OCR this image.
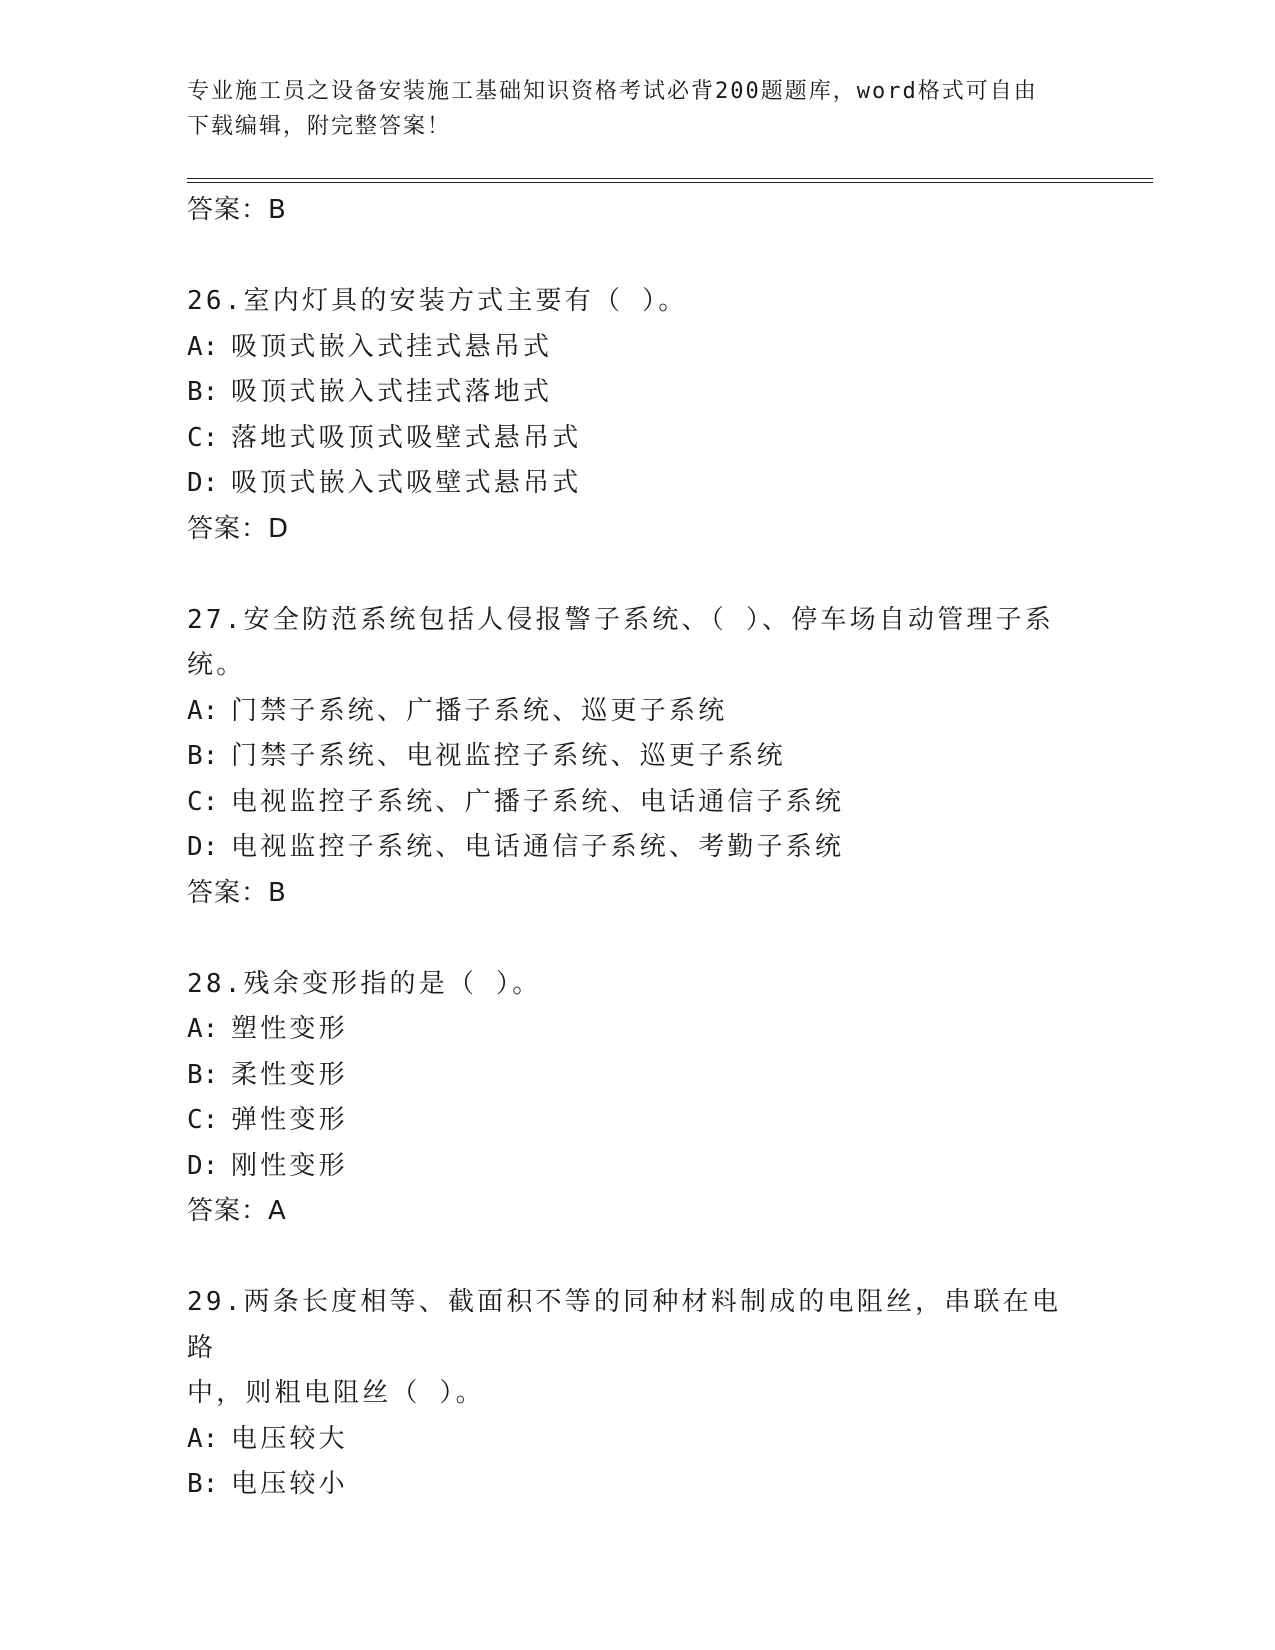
专业施工员之设备安装施工基础知识资格考试必背200题题库，word格式可自由
下载编辑，附完整答案！
答案：B
26.室内灯具的安装方式主要有（ ）。
A: 吸顶式嵌入式挂式悬吊式
B: 吸顶式嵌入式挂式落地式
C: 落地式吸顶式吸壁式悬吊式
D: 吸顶式嵌入式吸壁式悬吊式
答案：D
27.安全防范系统包括人侵报警子系统、（ ）、停车场自动管理子系
统。
A: 门禁子系统、广播子系统、巡更子系统
B: 门禁子系统、电视监控子系统、巡更子系统
C: 电视监控子系统、广播子系统、电话通信子系统
D: 电视监控子系统、电话通信子系统、考勤子系统
答案：B
28.残余变形指的是（ ）。
A: 塑性变形
B: 柔性变形
C: 弹性变形
D: 刚性变形
答案：A
29.两条长度相等、截面积不等的同种材料制成的电阻丝，串联在电路
中，则粗电阻丝（ ）。
A: 电压较大
B: 电压较小
